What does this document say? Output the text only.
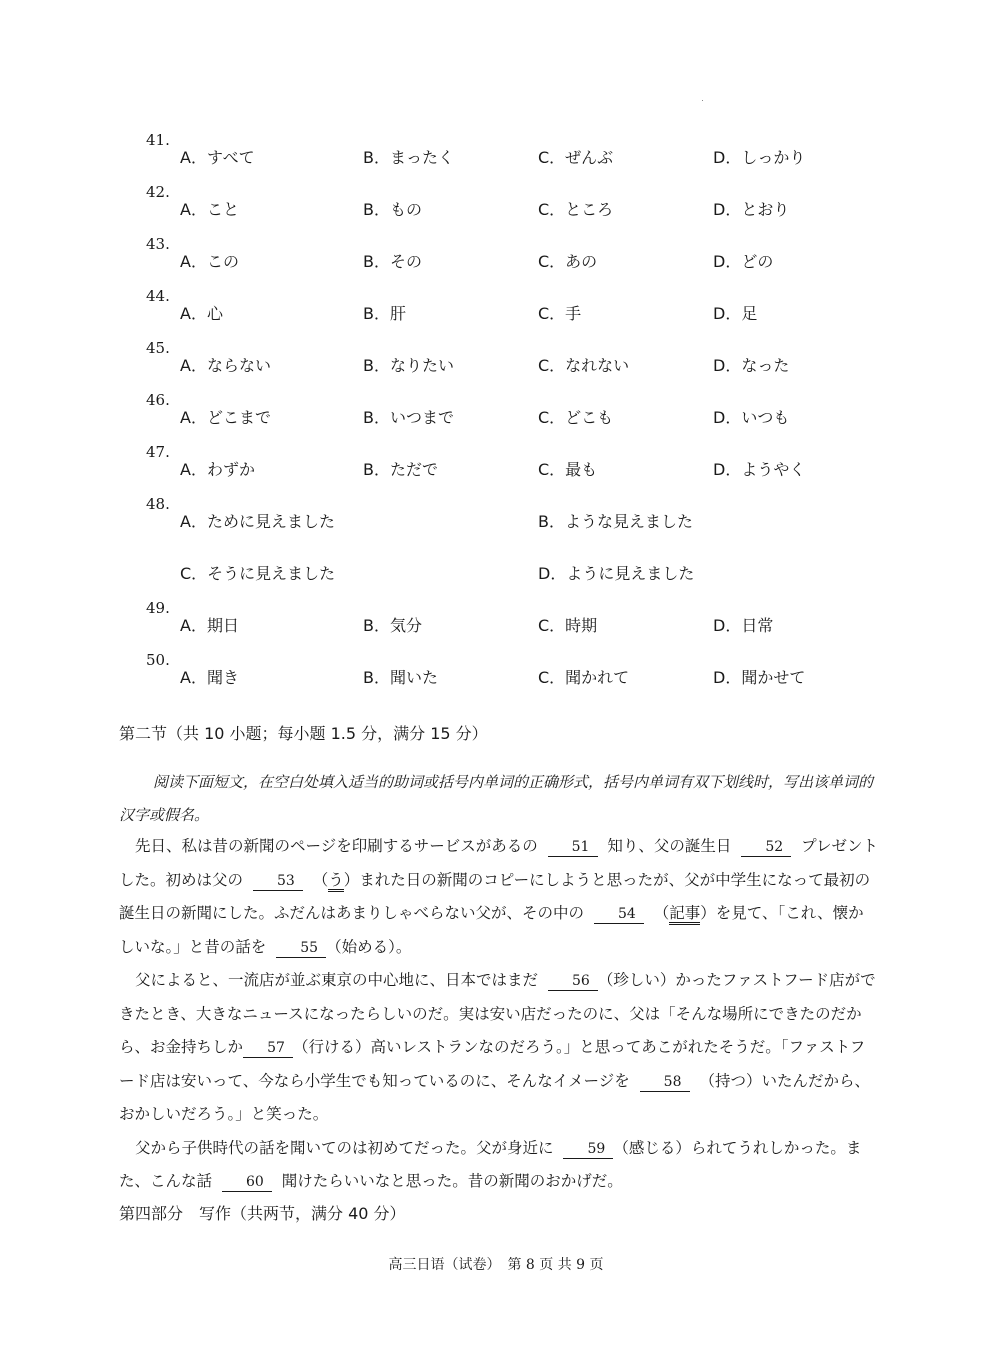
41.
A．すべて	B．まったく	C．ぜんぶ	D．しっかり
42.
A．こと	B．もの	C．ところ	D．とおり
43.
A．この	B．その	C．あの	D．どの
44.
A．心	B．肝	C．手	D．足
45.
A．ならない	B．なりたい	C．なれない	D．なった
46.
A．どこまで	B．いつまで	C．どこも	D．いつも
47.
A．わずか	B．ただで	C．最も	D．ようやく
48.
A．ために見えました	B．ような見えました
C．そうに見えました	D．ように見えました
49.
A．期日	B．気分	C．時期	D．日常
50.
A．聞き	B．聞いた	C．聞かれて	D．聞かせて
第二节（共 10 小题；每小题 1.5 分，满分 15 分）
阅读下面短文，在空白处填入适当的助词或括号内单词的正确形式，括号内单词有双下划线时，写出该单词的汉字或假名。

先日、私は昔の新聞のページを印刷するサービスがあるの 51 知り、父の誕生日 52 プレゼントした。初めは父の 53 （う）まれた日の新聞のコピーにしようと思ったが、父が中学生になって最初の誕生日の新聞にした。ふだんはあまりしゃべらない父が、その中の 54 （記事）を見て、「これ、懐かしいな。」と昔の話を 55 （始める）。

父によると、一流店が並ぶ東京の中心地に、日本ではまだ 56 （珍しい）かったファストフード店ができたとき、大きなニュースになったらしいのだ。実は安い店だったのに、父は「そんな場所にできたのだから、お金持ちしか 57 （行ける）高いレストランなのだろう。」と思ってあこがれたそうだ。「ファストフード店は安いって、今なら小学生でも知っているのに、そんなイメージを 58 （持つ）いたんだから、おかしいだろう。」と笑った。

父から子供時代の話を聞いてのは初めてだった。父が身近に 59 （感じる）られてうれしかった。また、こんな話 60 聞けたらいいなと思った。昔の新聞のおかげだ。

第四部分　写作（共两节，满分 40 分）
高三日语（试卷）　第 8 页 共 9 页
